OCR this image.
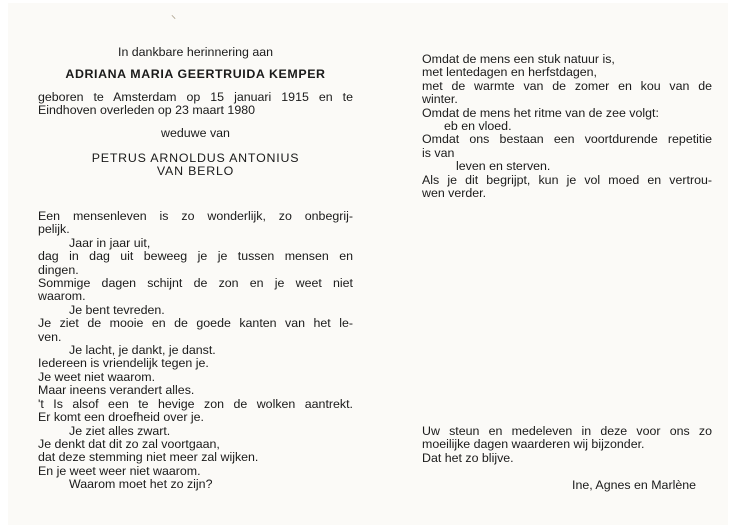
⸜
In dankbare herinnering aan
ADRIANA MARIA GEERTRUIDA KEMPER
geboren te Amsterdam op 15 januari 1915 en te
Eindhoven overleden op 23 maart 1980
weduwe van
PETRUS ARNOLDUS ANTONIUS
VAN BERLO
Een mensenleven is zo wonderlijk, zo onbegrij-
pelijk.
Jaar in jaar uit,
dag in dag uit beweeg je je tussen mensen en
dingen.
Sommige dagen schijnt de zon en je weet niet
waarom.
Je bent tevreden.
Je ziet de mooie en de goede kanten van het le-
ven.
Je lacht, je dankt, je danst.
Iedereen is vriendelijk tegen je.
Je weet niet waarom.
Maar ineens verandert alles.
't Is alsof een te hevige zon de wolken aantrekt.
Er komt een droefheid over je.
Je ziet alles zwart.
Je denkt dat dit zo zal voortgaan,
dat deze stemming niet meer zal wijken.
En je weet weer niet waarom.
Waarom moet het zo zijn?
Omdat de mens een stuk natuur is,
met lentedagen en herfstdagen,
met de warmte van de zomer en kou van de
winter.
Omdat de mens het ritme van de zee volgt:
eb en vloed.
Omdat ons bestaan een voortdurende repetitie
is van
leven en sterven.
Als je dit begrijpt, kun je vol moed en vertrou-
wen verder.
Uw steun en medeleven in deze voor ons zo
moeilijke dagen waarderen wij bijzonder.
Dat het zo blijve.
Ine, Agnes en Marlène
